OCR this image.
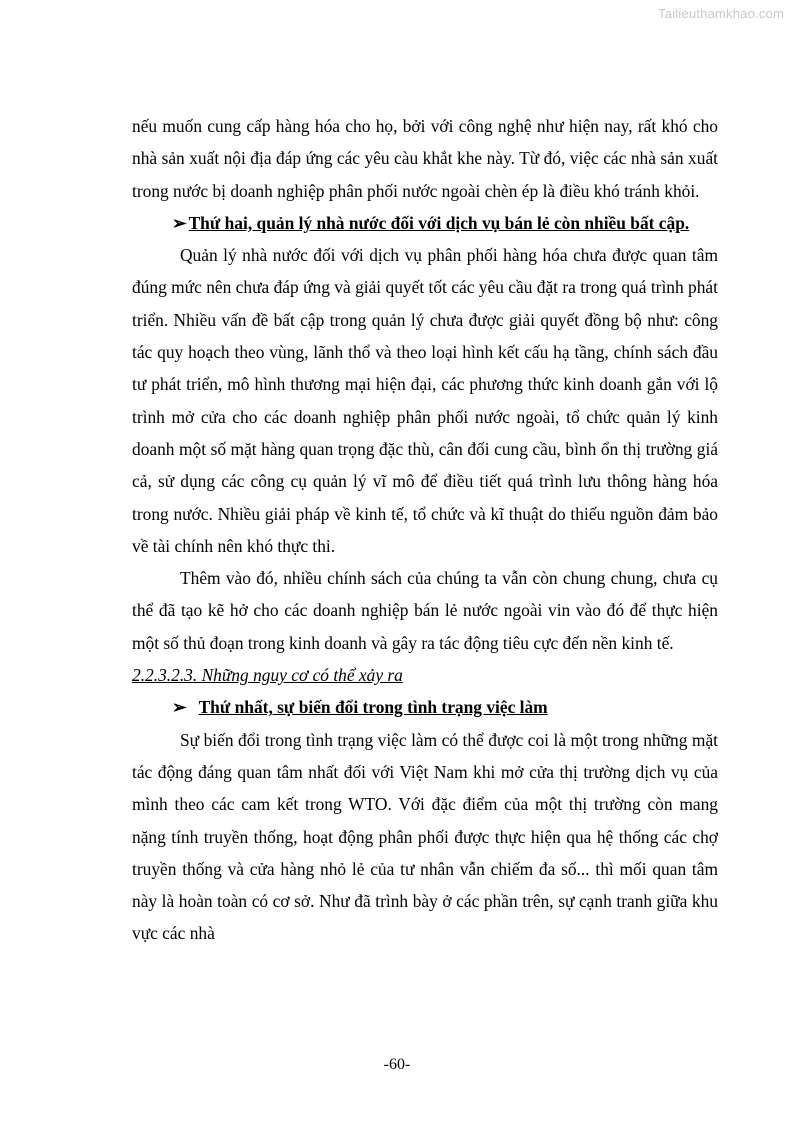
Tailieuthamkhao.com

nếu muốn cung cấp hàng hóa cho họ, bởi với công nghệ như hiện nay, rất khó cho nhà sản xuất nội địa đáp ứng các yêu càu khắt khe này. Từ đó, việc các nhà sản xuất trong nước bị doanh nghiệp phân phối nước ngoài chèn ép là điều khó tránh khỏi.

➢ Thứ hai, quản lý nhà nước đối với dịch vụ bán lẻ còn nhiều bất cập.

Quản lý nhà nước đối với dịch vụ phân phối hàng hóa chưa được quan tâm đúng mức nên chưa đáp ứng và giải quyết tốt các yêu cầu đặt ra trong quá trình phát triển. Nhiều vấn đề bất cập trong quản lý chưa được giải quyết đồng bộ như: công tác quy hoạch theo vùng, lãnh thổ và theo loại hình kết cấu hạ tầng, chính sách đầu tư phát triển, mô hình thương mại hiện đại, các phương thức kinh doanh gắn với lộ trình mở cửa cho các doanh nghiệp phân phối nước ngoài, tổ chức quản lý kinh doanh một số mặt hàng quan trọng đặc thù, cân đối cung cầu, bình ổn thị trường giá cả, sử dụng các công cụ quản lý vĩ mô để điều tiết quá trình lưu thông hàng hóa trong nước. Nhiều giải pháp về kinh tế, tổ chức và kĩ thuật do thiếu nguồn đảm bảo về tài chính nên khó thực thi.

Thêm vào đó, nhiều chính sách của chúng ta vẫn còn chung chung, chưa cụ thể đã tạo kẽ hở cho các doanh nghiệp bán lẻ nước ngoài vin vào đó để thực hiện một số thủ đoạn trong kinh doanh và gây ra tác động tiêu cực đến nền kinh tế.

2.2.3.2.3. Những nguy cơ có thể xảy ra

➢ Thứ nhất, sự biến đổi trong tình trạng việc làm

Sự biến đổi trong tình trạng việc làm có thể được coi là một trong những mặt tác động đáng quan tâm nhất đối với Việt Nam khi mở cửa thị trường dịch vụ của mình theo các cam kết trong WTO. Với đặc điểm của một thị trường còn mang nặng tính truyền thống, hoạt động phân phối được thực hiện qua hệ thống các chợ truyền thống và cửa hàng nhỏ lẻ của tư nhân vẫn chiếm đa số... thì mối quan tâm này là hoàn toàn có cơ sở. Như đã trình bày ở các phần trên, sự cạnh tranh giữa khu vực các nhà

-60-
